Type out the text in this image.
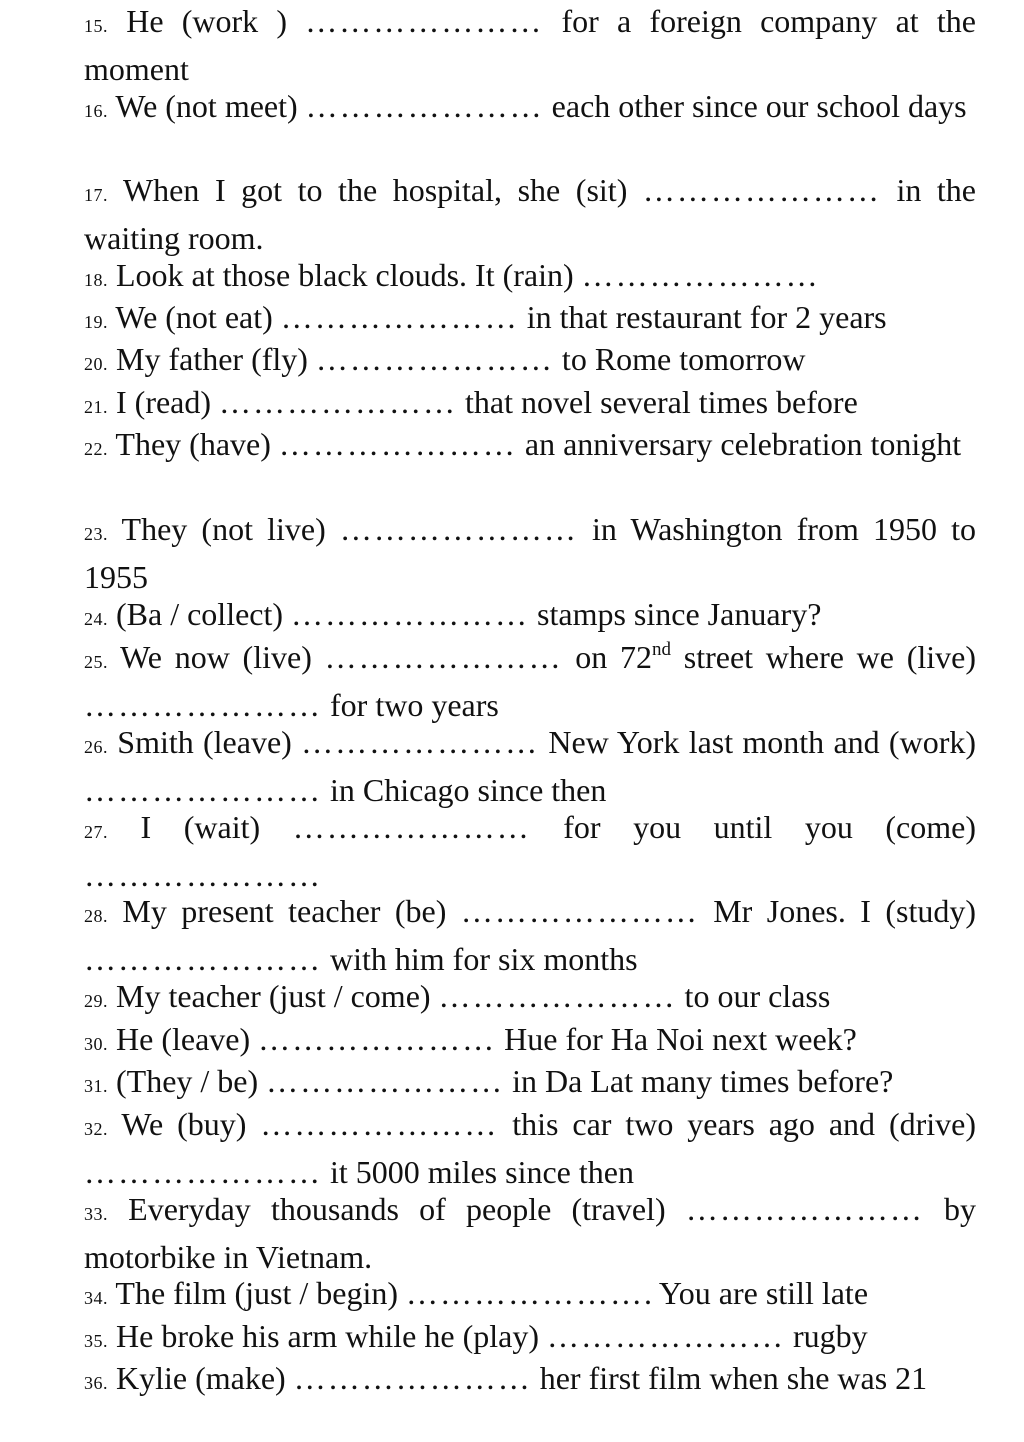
15. He (work ) ………………… for a foreign company at the moment

16. We (not meet) ………………… each other since our school days

17. When I got to the hospital, she (sit) ………………… in the waiting room.

18. Look at those black clouds. It (rain) …………………

19. We (not eat) ………………… in that restaurant for 2 years

20. My father (fly) ………………… to Rome tomorrow

21. I (read) ………………… that novel several times before

22. They (have) ………………… an anniversary celebration tonight

23. They (not live) ………………… in Washington from 1950 to 1955

24. (Ba / collect) ………………… stamps since January?

25. We now (live) ………………… on 72nd street where we (live) ………………… for two years

26. Smith (leave) ………………… New York last month and (work) ………………… in Chicago since then

27. I (wait) ………………… for you until you (come) …………………

28. My present teacher (be) ………………… Mr Jones. I (study) ………………… with him for six months

29. My teacher (just / come) ………………… to our class

30. He (leave) ………………… Hue for Ha Noi next week?

31. (They / be) ………………… in Da Lat many times before?

32. We (buy) ………………… this car two years ago and (drive) ………………… it 5000 miles since then

33. Everyday thousands of people (travel) ………………… by motorbike in Vietnam.

34. The film (just / begin) …………………. You are still late

35. He broke his arm while he (play) ………………… rugby

36. Kylie (make) ………………… her first film when she was 21
